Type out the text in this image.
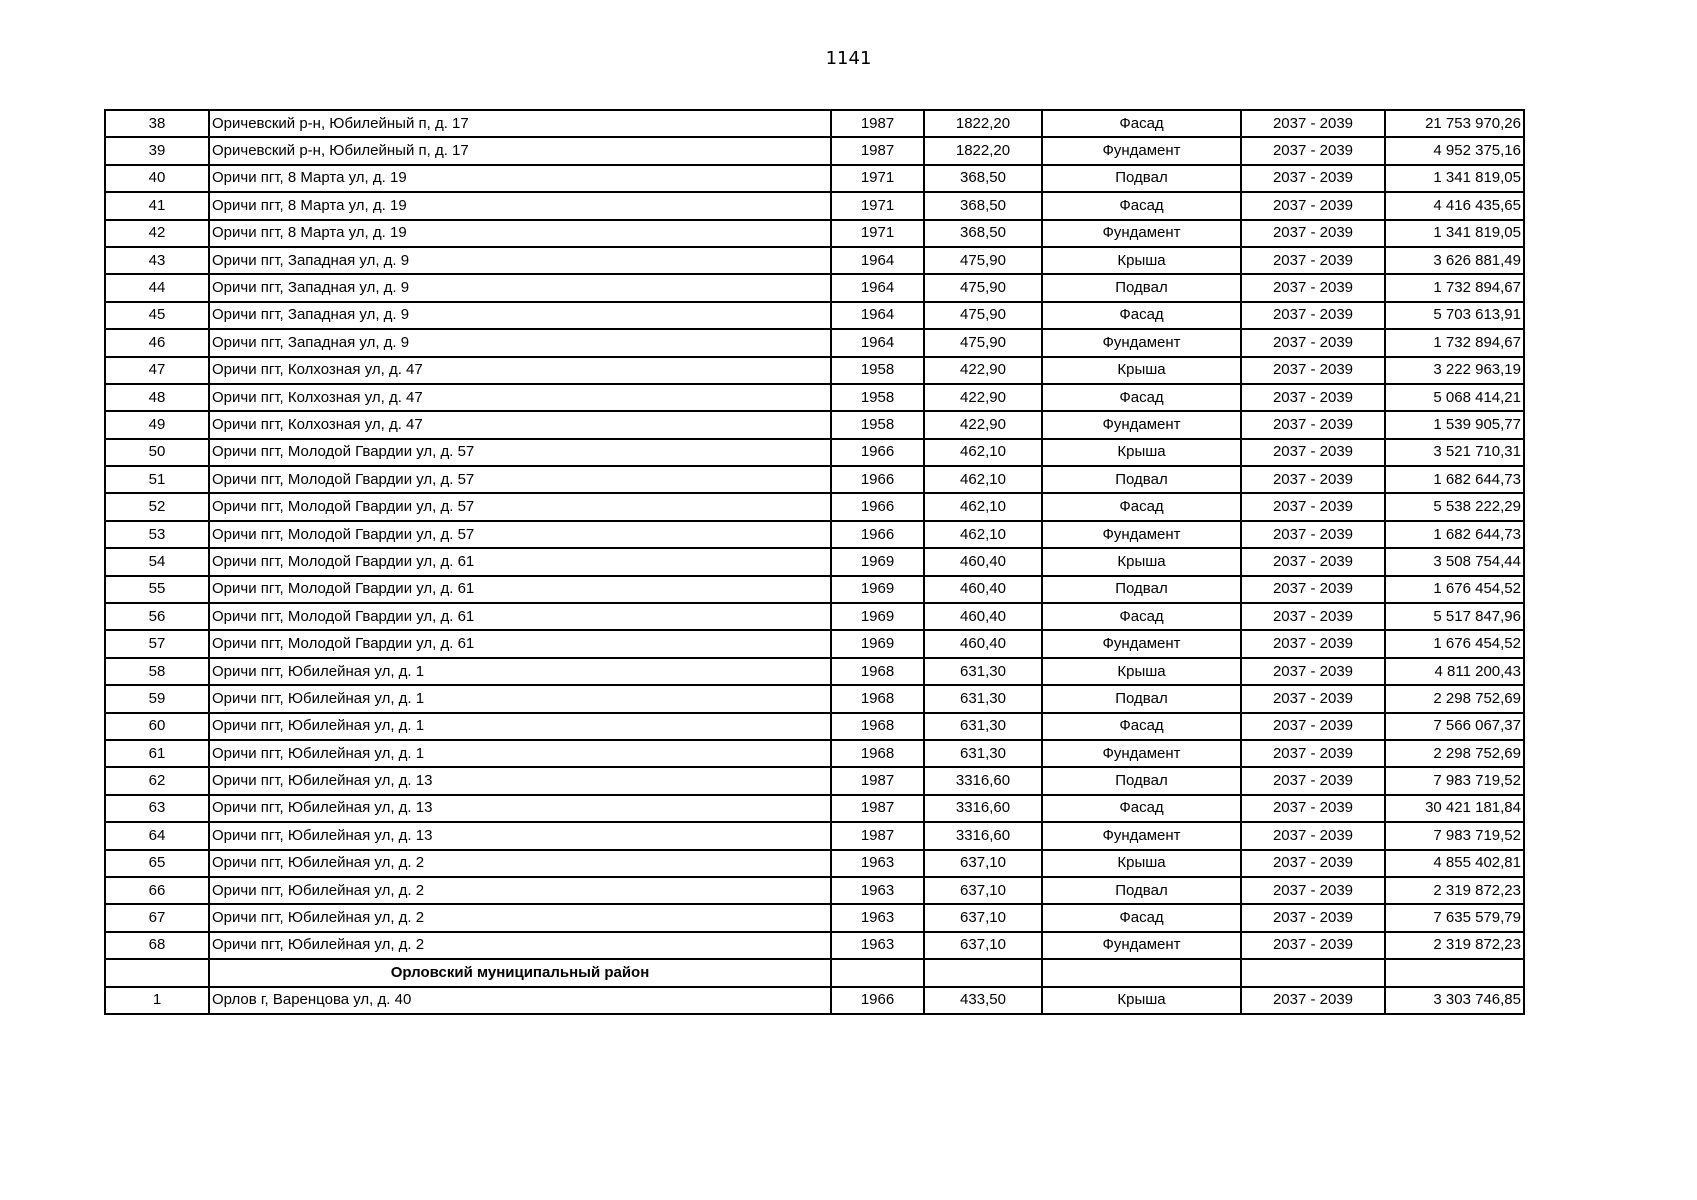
1141
38	Оричевский р-н, Юбилейный п, д. 17	1987	1822,20	Фасад	2037 - 2039	21 753 970,26
39	Оричевский р-н, Юбилейный п, д. 17	1987	1822,20	Фундамент	2037 - 2039	4 952 375,16
40	Оричи пгт, 8 Марта ул, д. 19	1971	368,50	Подвал	2037 - 2039	1 341 819,05
41	Оричи пгт, 8 Марта ул, д. 19	1971	368,50	Фасад	2037 - 2039	4 416 435,65
42	Оричи пгт, 8 Марта ул, д. 19	1971	368,50	Фундамент	2037 - 2039	1 341 819,05
43	Оричи пгт, Западная ул, д. 9	1964	475,90	Крыша	2037 - 2039	3 626 881,49
44	Оричи пгт, Западная ул, д. 9	1964	475,90	Подвал	2037 - 2039	1 732 894,67
45	Оричи пгт, Западная ул, д. 9	1964	475,90	Фасад	2037 - 2039	5 703 613,91
46	Оричи пгт, Западная ул, д. 9	1964	475,90	Фундамент	2037 - 2039	1 732 894,67
47	Оричи пгт, Колхозная ул, д. 47	1958	422,90	Крыша	2037 - 2039	3 222 963,19
48	Оричи пгт, Колхозная ул, д. 47	1958	422,90	Фасад	2037 - 2039	5 068 414,21
49	Оричи пгт, Колхозная ул, д. 47	1958	422,90	Фундамент	2037 - 2039	1 539 905,77
50	Оричи пгт, Молодой Гвардии ул, д. 57	1966	462,10	Крыша	2037 - 2039	3 521 710,31
51	Оричи пгт, Молодой Гвардии ул, д. 57	1966	462,10	Подвал	2037 - 2039	1 682 644,73
52	Оричи пгт, Молодой Гвардии ул, д. 57	1966	462,10	Фасад	2037 - 2039	5 538 222,29
53	Оричи пгт, Молодой Гвардии ул, д. 57	1966	462,10	Фундамент	2037 - 2039	1 682 644,73
54	Оричи пгт, Молодой Гвардии ул, д. 61	1969	460,40	Крыша	2037 - 2039	3 508 754,44
55	Оричи пгт, Молодой Гвардии ул, д. 61	1969	460,40	Подвал	2037 - 2039	1 676 454,52
56	Оричи пгт, Молодой Гвардии ул, д. 61	1969	460,40	Фасад	2037 - 2039	5 517 847,96
57	Оричи пгт, Молодой Гвардии ул, д. 61	1969	460,40	Фундамент	2037 - 2039	1 676 454,52
58	Оричи пгт, Юбилейная ул, д. 1	1968	631,30	Крыша	2037 - 2039	4 811 200,43
59	Оричи пгт, Юбилейная ул, д. 1	1968	631,30	Подвал	2037 - 2039	2 298 752,69
60	Оричи пгт, Юбилейная ул, д. 1	1968	631,30	Фасад	2037 - 2039	7 566 067,37
61	Оричи пгт, Юбилейная ул, д. 1	1968	631,30	Фундамент	2037 - 2039	2 298 752,69
62	Оричи пгт, Юбилейная ул, д. 13	1987	3316,60	Подвал	2037 - 2039	7 983 719,52
63	Оричи пгт, Юбилейная ул, д. 13	1987	3316,60	Фасад	2037 - 2039	30 421 181,84
64	Оричи пгт, Юбилейная ул, д. 13	1987	3316,60	Фундамент	2037 - 2039	7 983 719,52
65	Оричи пгт, Юбилейная ул, д. 2	1963	637,10	Крыша	2037 - 2039	4 855 402,81
66	Оричи пгт, Юбилейная ул, д. 2	1963	637,10	Подвал	2037 - 2039	2 319 872,23
67	Оричи пгт, Юбилейная ул, д. 2	1963	637,10	Фасад	2037 - 2039	7 635 579,79
68	Оричи пгт, Юбилейная ул, д. 2	1963	637,10	Фундамент	2037 - 2039	2 319 872,23
	Орловский муниципальный район					
1	Орлов г, Варенцова ул, д. 40	1966	433,50	Крыша	2037 - 2039	3 303 746,85
